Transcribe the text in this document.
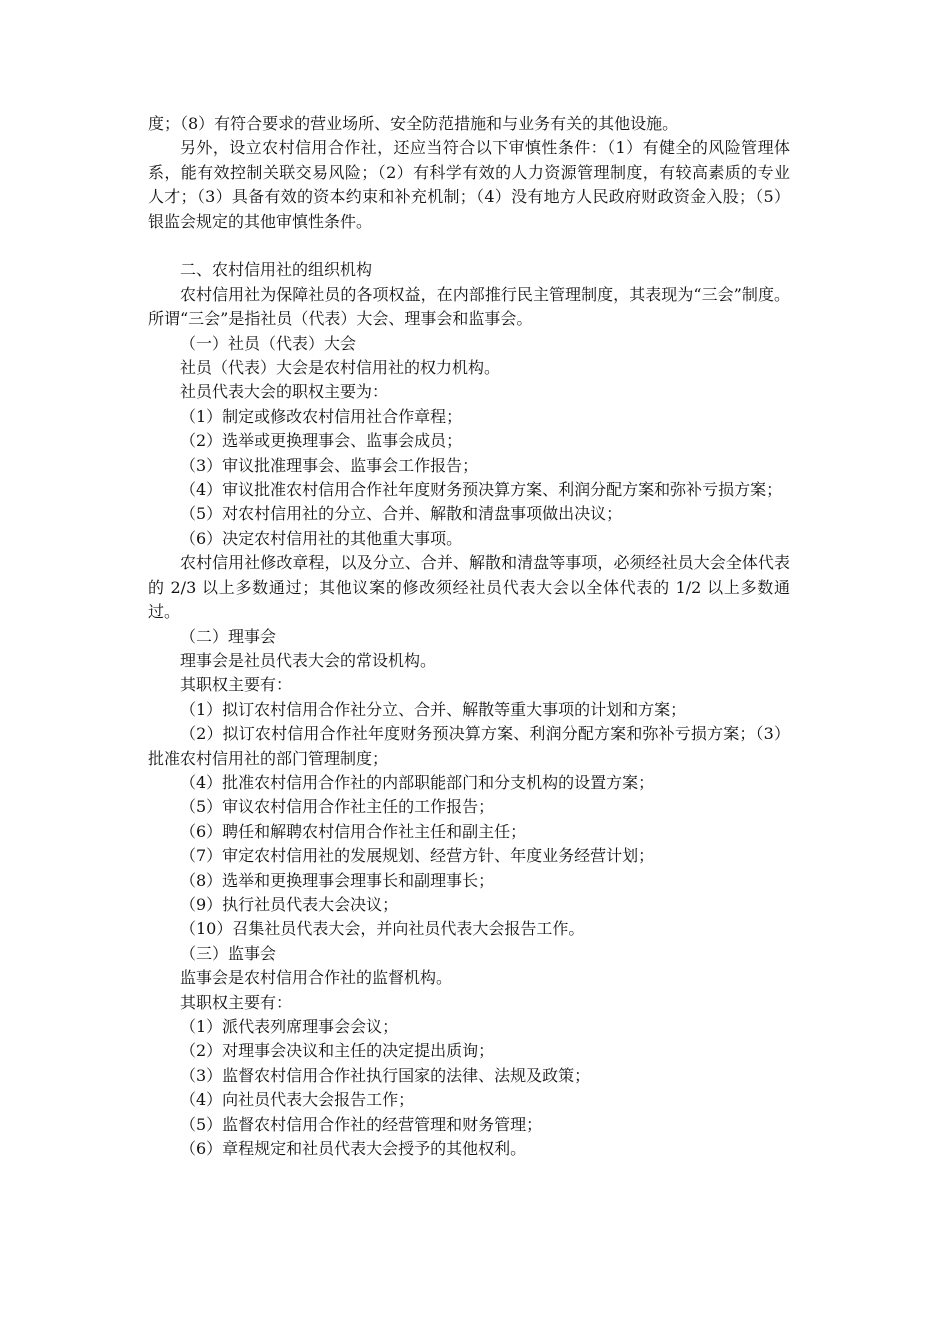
度；（8）有符合要求的营业场所、安全防范措施和与业务有关的其他设施。

另外，设立农村信用合作社，还应当符合以下审慎性条件：（1）有健全的风险管理体系，能有效控制关联交易风险；（2）有科学有效的人力资源管理制度，有较高素质的专业人才；（3）具备有效的资本约束和补充机制；（4）没有地方人民政府财政资金入股；（5）银监会规定的其他审慎性条件。

二、农村信用社的组织机构

农村信用社为保障社员的各项权益，在内部推行民主管理制度，其表现为“三会”制度。所谓“三会”是指社员（代表）大会、理事会和监事会。

（一）社员（代表）大会

社员（代表）大会是农村信用社的权力机构。

社员代表大会的职权主要为：

（1）制定或修改农村信用社合作章程；

（2）选举或更换理事会、监事会成员；

（3）审议批准理事会、监事会工作报告；

（4）审议批准农村信用合作社年度财务预决算方案、利润分配方案和弥补亏损方案；

（5）对农村信用社的分立、合并、解散和清盘事项做出决议；

（6）决定农村信用社的其他重大事项。

农村信用社修改章程，以及分立、合并、解散和清盘等事项，必须经社员大会全体代表的 2/3 以上多数通过；其他议案的修改须经社员代表大会以全体代表的 1/2 以上多数通过。

（二）理事会

理事会是社员代表大会的常设机构。

其职权主要有：

（1）拟订农村信用合作社分立、合并、解散等重大事项的计划和方案；

（2）拟订农村信用合作社年度财务预决算方案、利润分配方案和弥补亏损方案；（3）批准农村信用社的部门管理制度；

（4）批准农村信用合作社的内部职能部门和分支机构的设置方案；

（5）审议农村信用合作社主任的工作报告；

（6）聘任和解聘农村信用合作社主任和副主任；

（7）审定农村信用社的发展规划、经营方针、年度业务经营计划；

（8）选举和更换理事会理事长和副理事长；

（9）执行社员代表大会决议；

（10）召集社员代表大会，并向社员代表大会报告工作。

（三）监事会

监事会是农村信用合作社的监督机构。

其职权主要有：

（1）派代表列席理事会会议；

（2）对理事会决议和主任的决定提出质询；

（3）监督农村信用合作社执行国家的法律、法规及政策；

（4）向社员代表大会报告工作；

（5）监督农村信用合作社的经营管理和财务管理；

（6）章程规定和社员代表大会授予的其他权利。
